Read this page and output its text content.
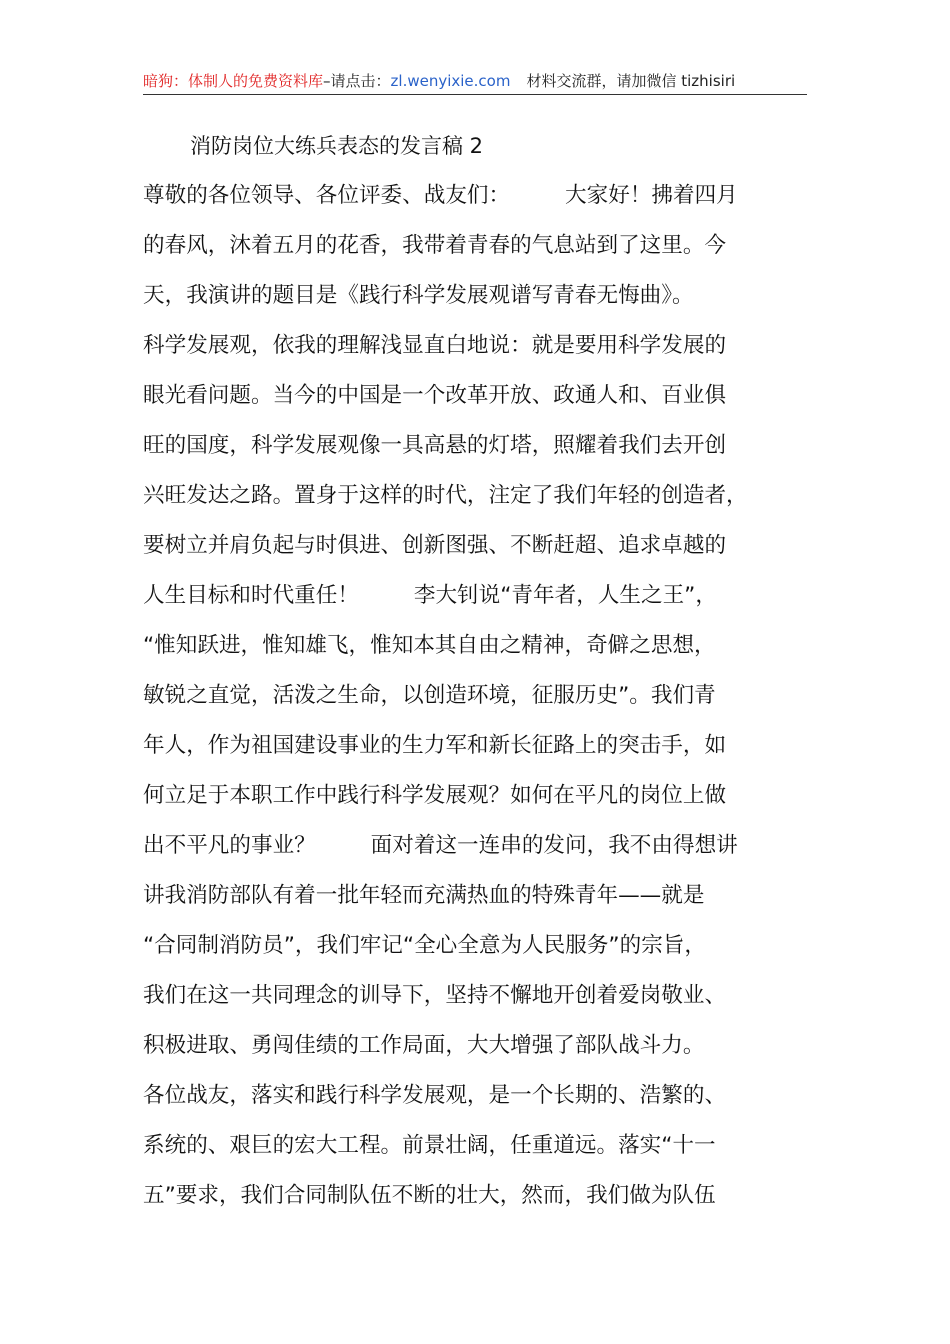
暗狗：体制人的免费资料库–请点击：zl.wenyixie.com 材料交流群，请加微信 tizhisiri
消防岗位大练兵表态的发言稿 2
尊敬的各位领导、各位评委、战友们：        大家好！拂着四月
的春风，沐着五月的花香，我带着青春的气息站到了这里。今
天，我演讲的题目是《践行科学发展观谱写青春无悔曲》。
科学发展观，依我的理解浅显直白地说：就是要用科学发展的
眼光看问题。当今的中国是一个改革开放、政通人和、百业俱
旺的国度，科学发展观像一具高悬的灯塔，照耀着我们去开创
兴旺发达之路。置身于这样的时代，注定了我们年轻的创造者，
要树立并肩负起与时俱进、创新图强、不断赶超、追求卓越的
人生目标和时代重任！        李大钊说“青年者，人生之王”，
“惟知跃进，惟知雄飞，惟知本其自由之精神，奇僻之思想，
敏锐之直觉，活泼之生命，以创造环境，征服历史”。我们青
年人，作为祖国建设事业的生力军和新长征路上的突击手，如
何立足于本职工作中践行科学发展观？如何在平凡的岗位上做
出不平凡的事业？        面对着这一连串的发问，我不由得想讲
讲我消防部队有着一批年轻而充满热血的特殊青年——就是
“合同制消防员”，我们牢记“全心全意为人民服务”的宗旨，
我们在这一共同理念的训导下，坚持不懈地开创着爱岗敬业、
积极进取、勇闯佳绩的工作局面，大大增强了部队战斗力。
各位战友，落实和践行科学发展观，是一个长期的、浩繁的、
系统的、艰巨的宏大工程。前景壮阔，任重道远。落实“十一
五”要求，我们合同制队伍不断的壮大，然而，我们做为队伍
